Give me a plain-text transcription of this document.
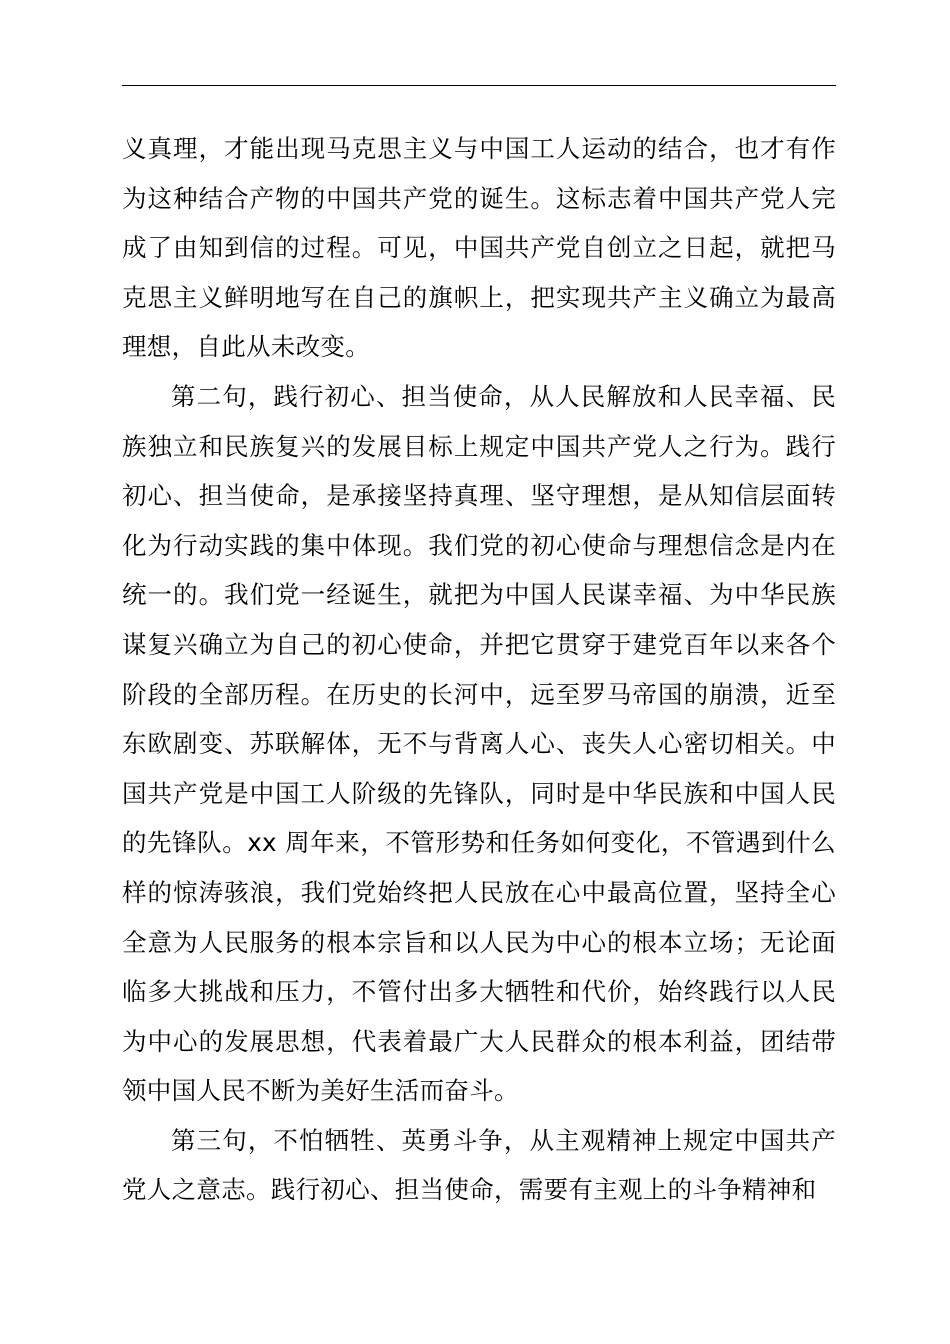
义真理，才能出现马克思主义与中国工人运动的结合，也才有作为这种结合产物的中国共产党的诞生。这标志着中国共产党人完成了由知到信的过程。可见，中国共产党自创立之日起，就把马克思主义鲜明地写在自己的旗帜上，把实现共产主义确立为最高理想，自此从未改变。

第二句，践行初心、担当使命，从人民解放和人民幸福、民族独立和民族复兴的发展目标上规定中国共产党人之行为。践行初心、担当使命，是承接坚持真理、坚守理想，是从知信层面转化为行动实践的集中体现。我们党的初心使命与理想信念是内在统一的。我们党一经诞生，就把为中国人民谋幸福、为中华民族谋复兴确立为自己的初心使命，并把它贯穿于建党百年以来各个阶段的全部历程。在历史的长河中，远至罗马帝国的崩溃，近至东欧剧变、苏联解体，无不与背离人心、丧失人心密切相关。中国共产党是中国工人阶级的先锋队，同时是中华民族和中国人民的先锋队。xx 周年来，不管形势和任务如何变化，不管遇到什么样的惊涛骇浪，我们党始终把人民放在心中最高位置，坚持全心全意为人民服务的根本宗旨和以人民为中心的根本立场；无论面临多大挑战和压力，不管付出多大牺牲和代价，始终践行以人民为中心的发展思想，代表着最广大人民群众的根本利益，团结带领中国人民不断为美好生活而奋斗。

第三句，不怕牺牲、英勇斗争，从主观精神上规定中国共产党人之意志。践行初心、担当使命，需要有主观上的斗争精神和
